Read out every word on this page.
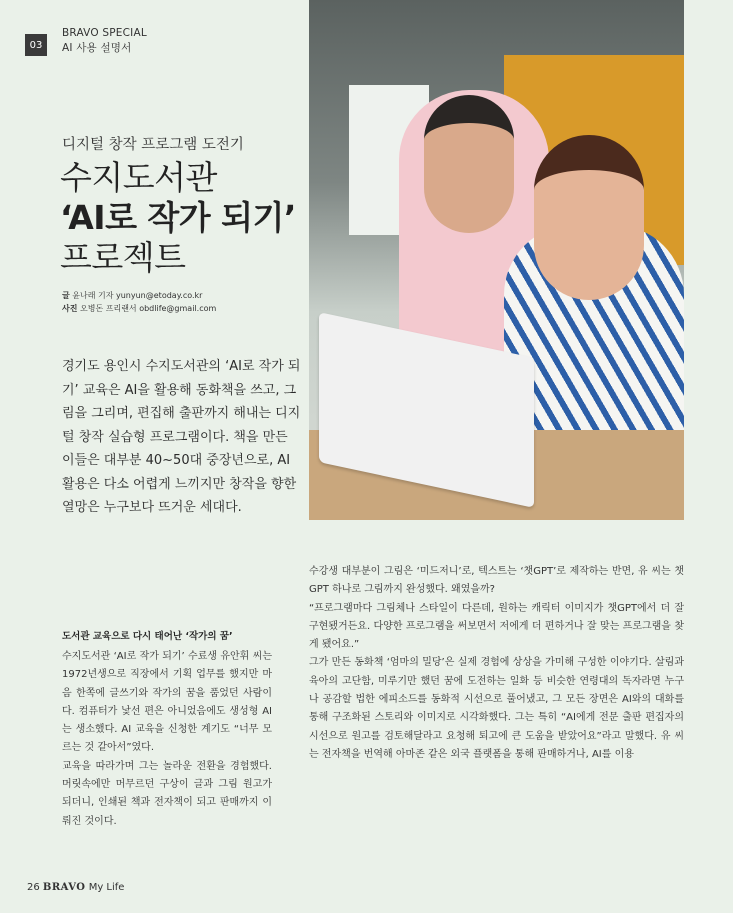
03
BRAVO SPECIAL
AI 사용 설명서
디지털 창작 프로그램 도전기
수지도서관
‘AI로 작가 되기’
프로젝트
글 윤나래 기자 yunyun@etoday.co.kr
사진 오병돈 프리랜서 obdlife@gmail.com
경기도 용인시 수지도서관의 ‘AI로 작가 되기’ 교육은 AI을 활용해 동화책을 쓰고, 그림을 그리며, 편집해 출판까지 해내는 디지털 창작 실습형 프로그램이다. 책을 만든 이들은 대부분 40~50대 중장년으로, AI 활용은 다소 어렵게 느끼지만 창작을 향한 열망은 누구보다 뜨거운 세대다.
도서관 교육으로 다시 태어난 ‘작가의 꿈’

수지도서관 ‘AI로 작가 되기’ 수료생 유안휘 씨는 1972년생으로 직장에서 기획 업무를 했지만 마음 한쪽에 글쓰기와 작가의 꿈을 품었던 사람이다. 컴퓨터가 낯선 편은 아니었음에도 생성형 AI는 생소했다. AI 교육을 신청한 계기도 “너무 모르는 것 같아서”였다.

교육을 따라가며 그는 놀라운 전환을 경험했다. 머릿속에만 머무르던 구상이 글과 그림 원고가 되더니, 인쇄된 책과 전자책이 되고 판매까지 이뤄진 것이다.

수강생 대부분이 그림은 ‘미드저니’로, 텍스트는 ‘챗GPT’로 제작하는 반면, 유 씨는 챗GPT 하나로 그림까지 완성했다. 왜였을까?

“프로그램마다 그림체나 스타일이 다른데, 원하는 캐릭터 이미지가 챗GPT에서 더 잘 구현됐거든요. 다양한 프로그램을 써보면서 저에게 더 편하거나 잘 맞는 프로그램을 찾게 됐어요.”

그가 만든 동화책 ‘엄마의 밀당’은 실제 경험에 상상을 가미해 구성한 이야기다. 살림과 육아의 고단함, 미루기만 했던 꿈에 도전하는 일화 등 비슷한 연령대의 독자라면 누구나 공감할 법한 에피소드를 동화적 시선으로 풀어냈고, 그 모든 장면은 AI와의 대화를 통해 구조화된 스토리와 이미지로 시각화했다. 그는 특히 “AI에게 전문 출판 편집자의 시선으로 원고를 검토해달라고 요청해 퇴고에 큰 도움을 받았어요”라고 말했다. 유 씨는 전자책을 번역해 아마존 같은 외국 플랫폼을 통해 판매하거나, AI를 이용

26 BRAVO My Life
